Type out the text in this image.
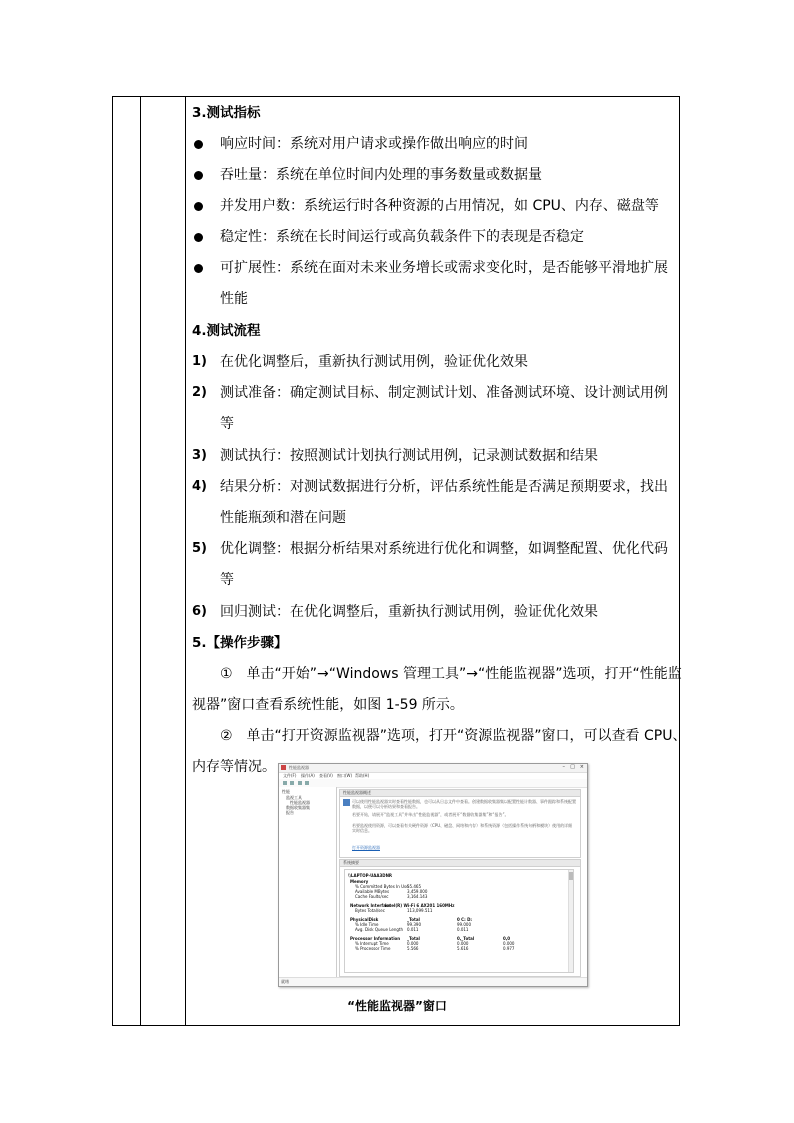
3.测试指标
响应时间：系统对用户请求或操作做出响应的时间
吞吐量：系统在单位时间内处理的事务数量或数据量
并发用户数：系统运行时各种资源的占用情况，如 CPU、内存、磁盘等
稳定性：系统在长时间运行或高负载条件下的表现是否稳定
可扩展性：系统在面对未来业务增长或需求变化时，是否能够平滑地扩展
性能
4.测试流程
1) 在优化调整后，重新执行测试用例，验证优化效果
2) 测试准备：确定测试目标、制定测试计划、准备测试环境、设计测试用例
等
3) 测试执行：按照测试计划执行测试用例，记录测试数据和结果
4) 结果分析：对测试数据进行分析，评估系统性能是否满足预期要求，找出
性能瓶颈和潜在问题
5) 优化调整：根据分析结果对系统进行优化和调整，如调整配置、优化代码
等
6) 回归测试：在优化调整后，重新执行测试用例，验证优化效果
5.【操作步骤】
①　单击“开始”→“Windows 管理工具”→“性能监视器”选项，打开“性能监
视器”窗口查看系统性能，如图 1-59 所示。
②　单击“打开资源监视器”选项，打开“资源监视器”窗口，可以查看 CPU、
内存等情况。	性能监视器	– □ ×
文件(F) 操作(A) 查看(V) 窗口(W) 帮助(H)
性能
监视工具
性能监视器
数据收集器集
报告
性能监视器概述
可以使用性能监视器实时查看性能数据，也可以从日志文件中查看。创建数据收集器集以配置性能计数器、事件跟踪和系统配置数据，以便可以分析结果和查看报告。
若要开始，请展开“监视工具”并单击“性能监视器”，或者展开“数据收集器集”和“报告”。
若要监视使用资源，可以查看有关硬件资源（CPU、磁盘、网络和内存）和系统资源（包括操作系统句柄和模块）使用的详细实时信息。
打开资源监视器
系统摘要
\\LAPTOP-UAA3DNR
Memory
% Committed Bytes In Use
55.465
Available MBytes	3,459.000
Cache Faults/sec	3,164.143
Network Interface
Intel(R) Wi-Fi 6 AX201 160MHz
Bytes Total/sec	113,099.511
PhysicalDisk	_Total	0 C: D:
% Idle Time	99.390	99.000
Avg. Disk Queue Length 0.011	0.011
Processor Information _Total	0,_Total	0,0
% Interrupt Time	0.000	0.000	0.000
% Processor Time	5.566	5.616	0.977
就绪
“性能监视器”窗口
